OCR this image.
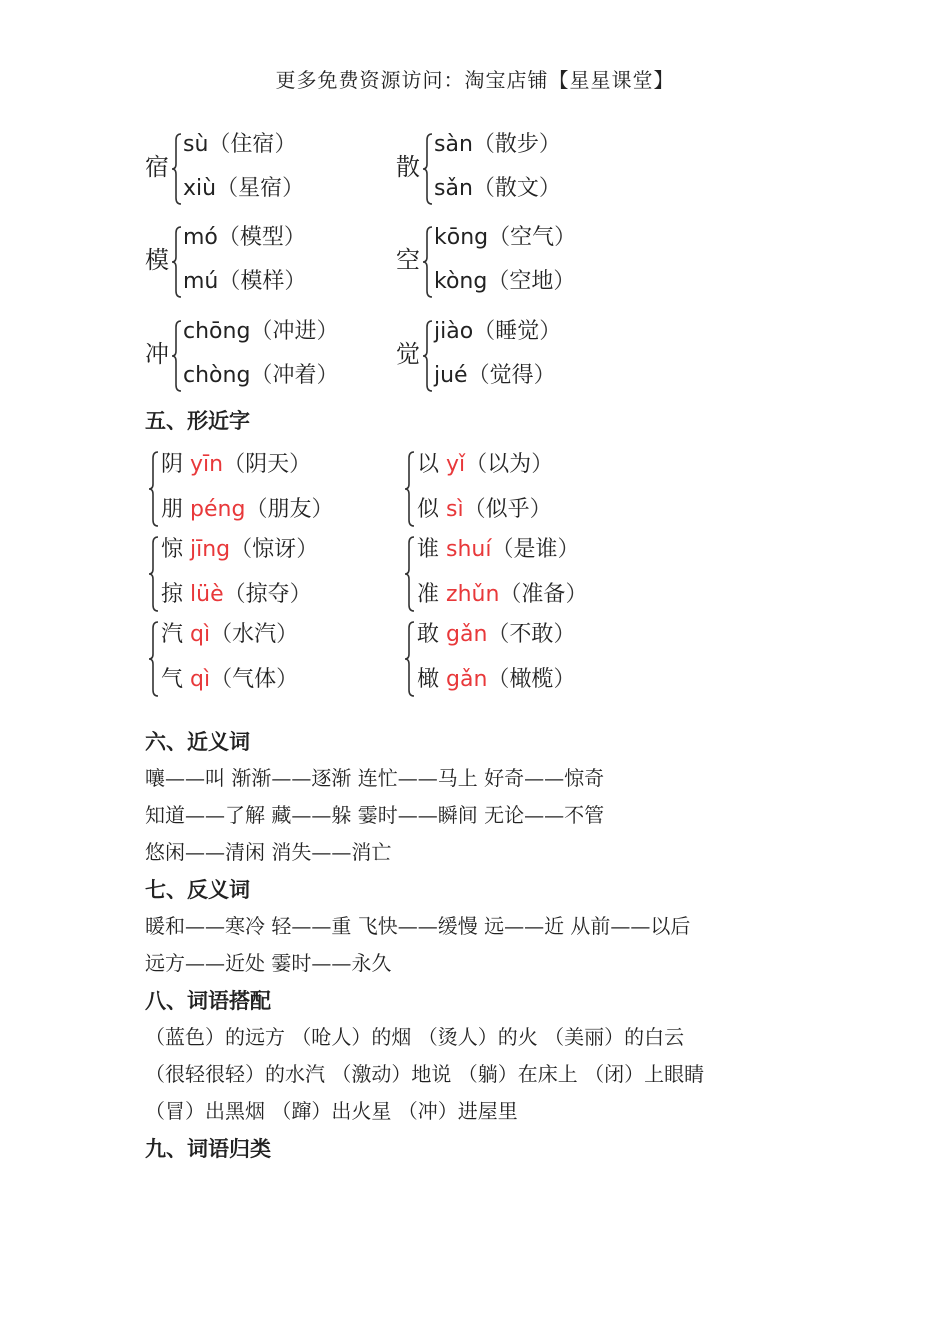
更多免费资源访问：淘宝店铺【星星课堂】
宿
sù（住宿）
xiù（星宿）
散
sàn（散步）
sǎn（散文）
模
mó（模型）
mú（模样）
空
kōng（空气）
kòng（空地）
冲
chōng（冲进）
chòng（冲着）
觉
jiào（睡觉）
jué（觉得）
五、形近字
阴 yīn（阴天）
朋 péng（朋友）
以 yǐ（以为）
似 sì（似乎）
惊 jīng（惊讶）
掠 lüè（掠夺）
谁 shuí（是谁）
准 zhǔn（准备）
汽 qì（水汽）
气 qì（气体）
敢 gǎn（不敢）
橄 gǎn（橄榄）
六、近义词
嚷——叫 渐渐——逐渐 连忙——马上 好奇——惊奇
知道——了解 藏——躲 霎时——瞬间 无论——不管
悠闲——清闲 消失——消亡
七、反义词
暖和——寒冷 轻——重 飞快——缓慢 远——近 从前——以后
远方——近处 霎时——永久
八、词语搭配
（蓝色）的远方 （呛人）的烟 （烫人）的火 （美丽）的白云
（很轻很轻）的水汽 （激动）地说 （躺）在床上 （闭）上眼睛
（冒）出黑烟 （蹿）出火星 （冲）进屋里
九、词语归类
